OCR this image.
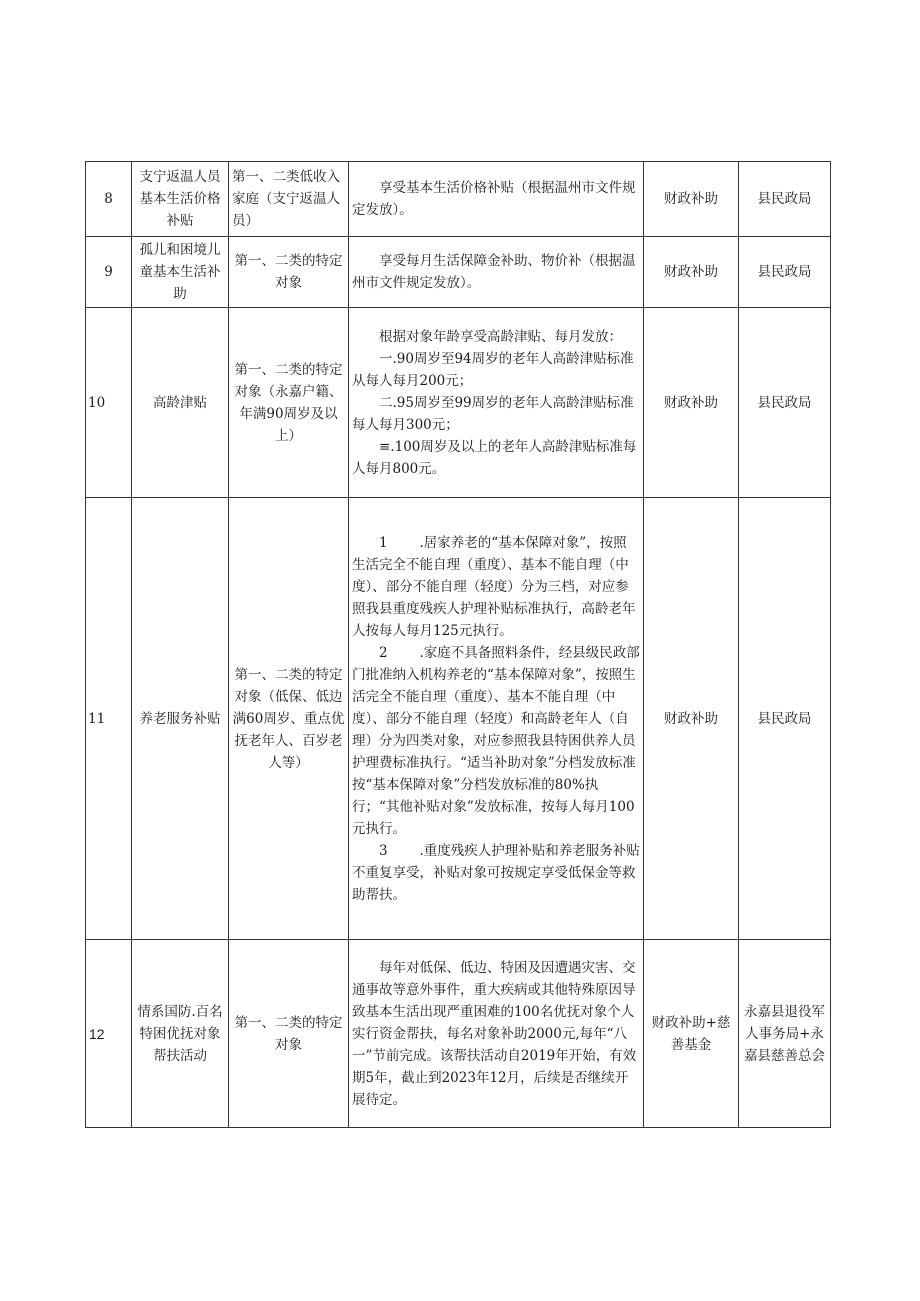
8	支宁返温人员基本生活价格补贴	第一、二类低收入家庭（支宁返温人员）	享受基本生活价格补贴（根据温州市文件规定发放）。	财政补助	县民政局
9	孤儿和困境儿童基本生活补助	第一、二类的特定对象	享受每月生活保障金补助、物价补（根据温州市文件规定发放）。	财政补助	县民政局
10	高龄津贴	第一、二类的特定对象（永嘉户籍、年满90周岁及以上）	根据对象年龄享受高龄津贴、每月发放：
一.90周岁至94周岁的老年人高龄津贴标准从每人每月200元；
二.95周岁至99周岁的老年人高龄津贴标准每人每月300元；
≡.100周岁及以上的老年人高龄津贴标准每人每月800元。	财政补助	县民政局
11	养老服务补贴	第一、二类的特定对象（低保、低边满60周岁、重点优抚老年人、百岁老人等）	1 .居家养老的“基本保障对象”，按照生活完全不能自理（重度）、基本不能自理（中度）、部分不能自理（轻度）分为三档，对应参照我县重度残疾人护理补贴标准执行，高龄老年人按每人每月125元执行。
2 .家庭不具备照料条件，经县级民政部门批准纳入机构养老的“基本保障对象”，按照生活完全不能自理（重度）、基本不能自理（中度）、部分不能自理（轻度）和高龄老年人（自理）分为四类对象，对应参照我县特困供养人员护理费标准执行。“适当补助对象”分档发放标准按“基本保障对象”分档发放标准的80%执行；“其他补贴对象”发放标准，按每人每月100元执行。
3 .重度残疾人护理补贴和养老服务补贴不重复享受，补贴对象可按规定享受低保金等救助帮扶。	财政补助	县民政局
12	情系国防.百名特困优抚对象帮扶活动	第一、二类的特定对象	每年对低保、低边、特困及因遭遇灾害、交通事故等意外事件，重大疾病或其他特殊原因导致基本生活出现严重困难的100名优抚对象个人实行资金帮扶，每名对象补助2000元,每年“八一”节前完成。该帮扶活动自2019年开始，有效期5年，截止到2023年12月，后续是否继续开展待定。	财政补助+慈善基金	永嘉县退役军人事务局+永嘉县慈善总会
